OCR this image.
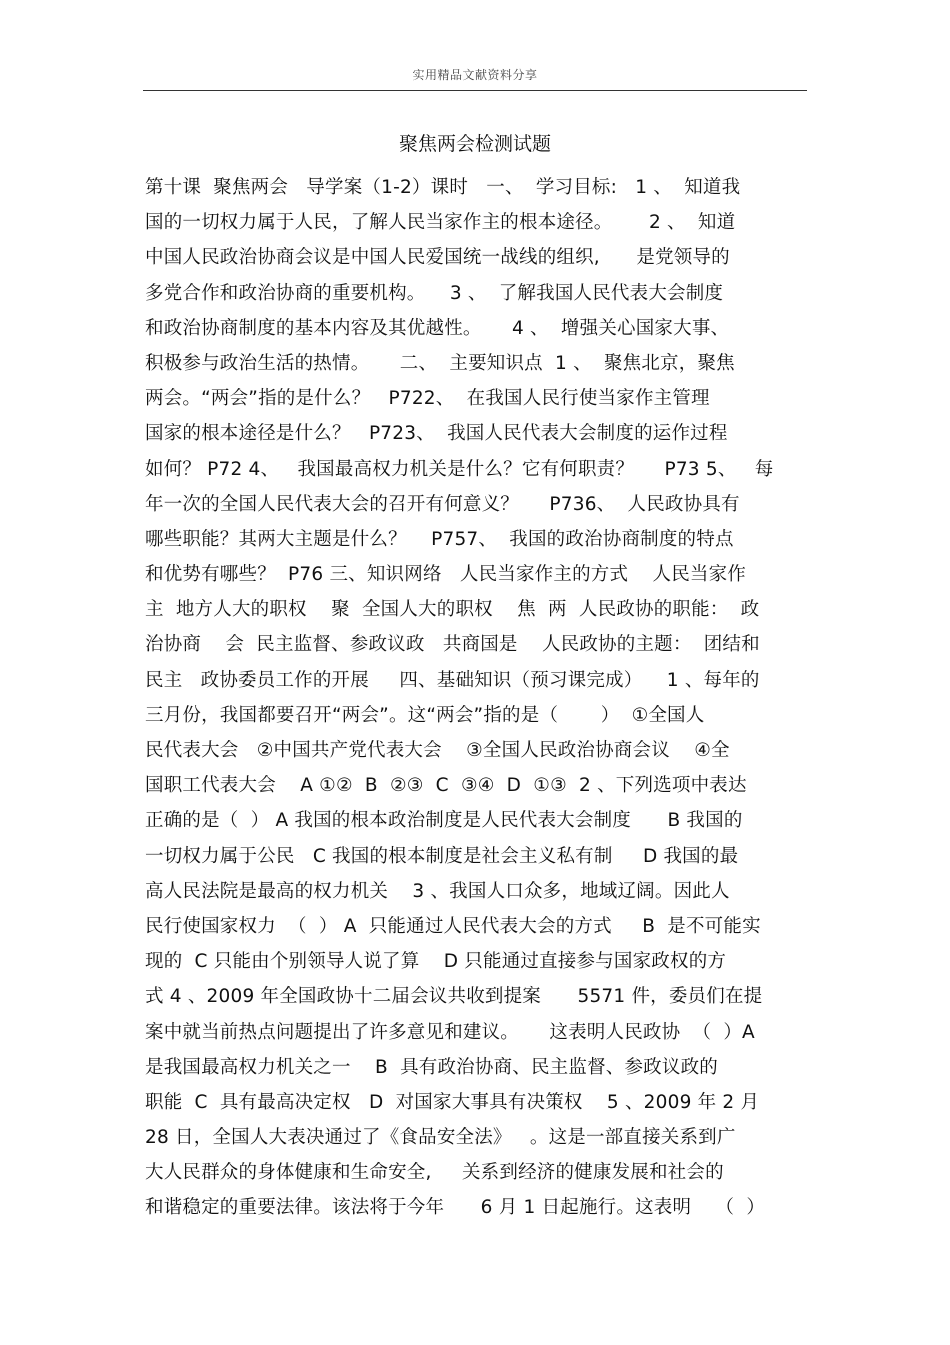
实用精品文献资料分享
聚焦两会检测试题
第十课  聚焦两会   导学案（1-2）课时   一、  学习目标:   1 、  知道我
国的一切权力属于人民，了解人民当家作主的根本途径。      2 、  知道
中国人民政治协商会议是中国人民爱国统一战线的组织,      是党领导的
多党合作和政治协商的重要机构。    3 、  了解我国人民代表大会制度
和政治协商制度的基本内容及其优越性。     4 、  增强关心国家大事、
积极参与政治生活的热情。     二、  主要知识点  1 、  聚焦北京，聚焦
两会。“两会”指的是什么？   P722、  在我国人民行使当家作主管理
国家的根本途径是什么？   P723、  我国人民代表大会制度的运作过程
如何？ P72 4、   我国最高权力机关是什么？它有何职责？     P73 5、   每
年一次的全国人民代表大会的召开有何意义？     P736、  人民政协具有
哪些职能？其两大主题是什么？    P757、  我国的政治协商制度的特点
和优势有哪些？  P76 三、知识网络   人民当家作主的方式    人民当家作
主  地方人大的职权    聚  全国人大的职权    焦  两  人民政协的职能：  政
治协商    会  民主监督、参政议政   共商国是    人民政协的主题：  团结和
民主   政协委员工作的开展     四、基础知识（预习课完成）    1 、每年的
三月份，我国都要召开“两会”。这“两会”指的是（       ）  ①全国人
民代表大会   ②中国共产党代表大会    ③全国人民政治协商会议    ④全
国职工代表大会    A ①②  B  ②③  C  ③④  D  ①③  2 、下列选项中表达
正确的是（  ） A 我国的根本政治制度是人民代表大会制度      B 我国的
一切权力属于公民   C 我国的根本制度是社会主义私有制     D 我国的最
高人民法院是最高的权力机关    3 、我国人口众多，地域辽阔。因此人
民行使国家权力  （  ） A  只能通过人民代表大会的方式     B  是不可能实
现的  C 只能由个别领导人说了算    D 只能通过直接参与国家政权的方
式 4 、2009 年全国政协十二届会议共收到提案      5571 件，委员们在提
案中就当前热点问题提出了许多意见和建议。     这表明人民政协  （  ）A
是我国最高权力机关之一    B  具有政治协商、民主监督、参政议政的
职能  C  具有最高决定权   D  对国家大事具有决策权    5 、2009 年 2 月
28 日，全国人大表决通过了《食品安全法》   。这是一部直接关系到广
大人民群众的身体健康和生命安全,     关系到经济的健康发展和社会的
和谐稳定的重要法律。该法将于今年      6 月 1 日起施行。这表明    （  ）
